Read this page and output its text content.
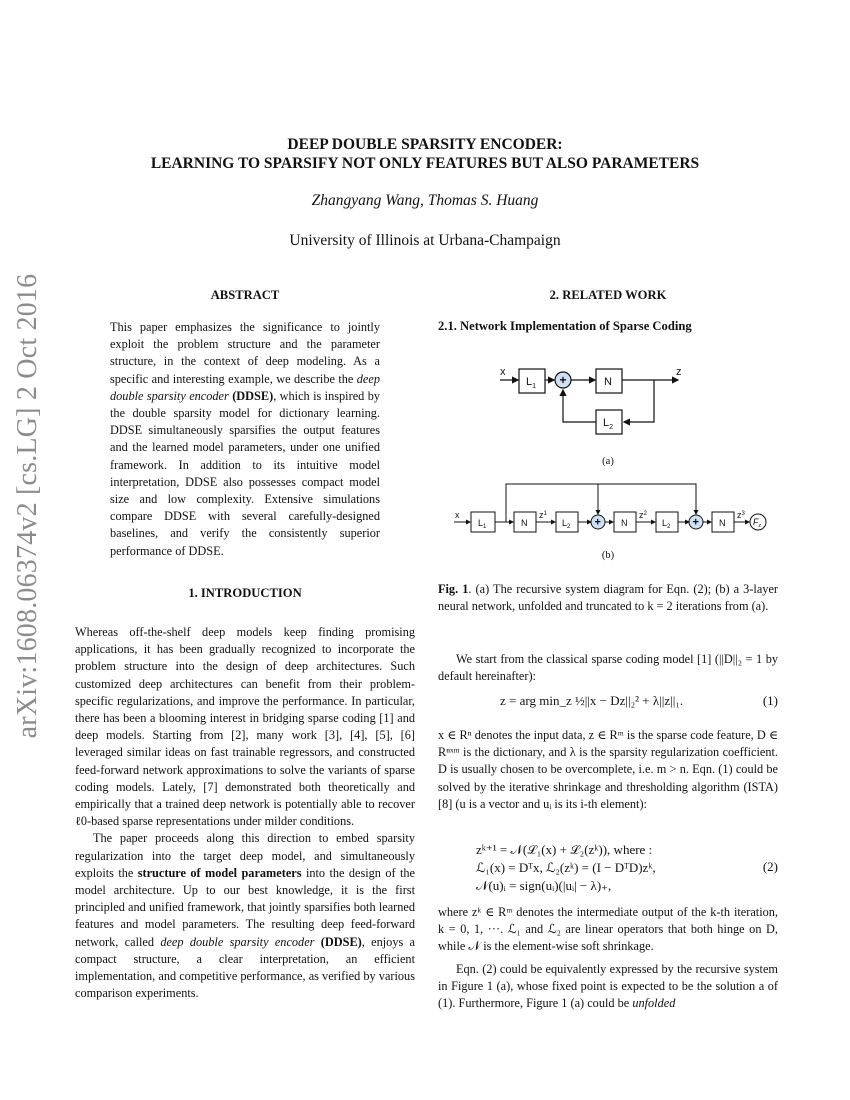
arXiv:1608.06374v2 [cs.LG] 2 Oct 2016
DEEP DOUBLE SPARSITY ENCODER:
LEARNING TO SPARSIFY NOT ONLY FEATURES BUT ALSO PARAMETERS
Zhangyang Wang, Thomas S. Huang
University of Illinois at Urbana-Champaign
ABSTRACT
This paper emphasizes the significance to jointly exploit the problem structure and the parameter structure, in the context of deep modeling. As a specific and interesting example, we describe the deep double sparsity encoder (DDSE), which is inspired by the double sparsity model for dictionary learning. DDSE simultaneously sparsifies the output features and the learned model parameters, under one unified framework. In addition to its intuitive model interpretation, DDSE also possesses compact model size and low complexity. Extensive simulations compare DDSE with several carefully-designed baselines, and verify the consistently superior performance of DDSE.
1. INTRODUCTION

Whereas off-the-shelf deep models keep finding promising applications, it has been gradually recognized to incorporate the problem structure into the design of deep architectures. Such customized deep architectures can benefit from their problem-specific regularizations, and improve the performance. In particular, there has been a blooming interest in bridging sparse coding [1] and deep models. Starting from [2], many work [3], [4], [5], [6] leveraged similar ideas on fast trainable regressors, and constructed feed-forward network approximations to solve the variants of sparse coding models. Lately, [7] demonstrated both theoretically and empirically that a trained deep network is potentially able to recover ℓ0-based sparse representations under milder conditions.

The paper proceeds along this direction to embed sparsity regularization into the target deep model, and simultaneously exploits the structure of model parameters into the design of the model architecture. Up to our best knowledge, it is the first principled and unified framework, that jointly sparsifies both learned features and model parameters. The resulting deep feed-forward network, called deep double sparsity encoder (DDSE), enjoys a compact structure, a clear interpretation, an efficient implementation, and competitive performance, as verified by various comparison experiments.

2. RELATED WORK
2.1. Network Implementation of Sparse Coding
x	z
$L_1$	N
$L_2$
+
(a)
x
$L_1$	N
$z^1$
$L_2$	N
$z^2$
$L_2$	N
$z^3$
$F_z$
+	+
(b)
Fig. 1. (a) The recursive system diagram for Eqn. (2); (b) a 3-layer neural network, unfolded and truncated to k = 2 iterations from (a).
We start from the classical sparse coding model [1] (||D||₂ = 1 by default hereinafter):
z = arg min_z ½||x − Dz||₂² + λ||z||₁.	(1)
x ∈ Rⁿ denotes the input data, z ∈ Rᵐ is the sparse code feature, D ∈ Rⁿˣᵐ is the dictionary, and λ is the sparsity regularization coefficient. D is usually chosen to be overcomplete, i.e. m > n. Eqn. (1) could be solved by the iterative shrinkage and thresholding algorithm (ISTA) [8] (u is a vector and uᵢ is its i-th element):
zᵏ⁺¹ = 𝒩(ℒ₁(x) + ℒ₂(zᵏ)), where :
ℒ₁(x) = Dᵀx, ℒ₂(zᵏ) = (I − DᵀD)zᵏ,
𝒩(u)ᵢ = sign(uᵢ)(|uᵢ| − λ)₊,
(2)
where zᵏ ∈ Rᵐ denotes the intermediate output of the k-th iteration, k = 0, 1, ···. ℒ₁ and ℒ₂ are linear operators that both hinge on D, while 𝒩 is the element-wise soft shrinkage.
Eqn. (2) could be equivalently expressed by the recursive system in Figure 1 (a), whose fixed point is expected to be the solution a of (1). Furthermore, Figure 1 (a) could be unfolded
